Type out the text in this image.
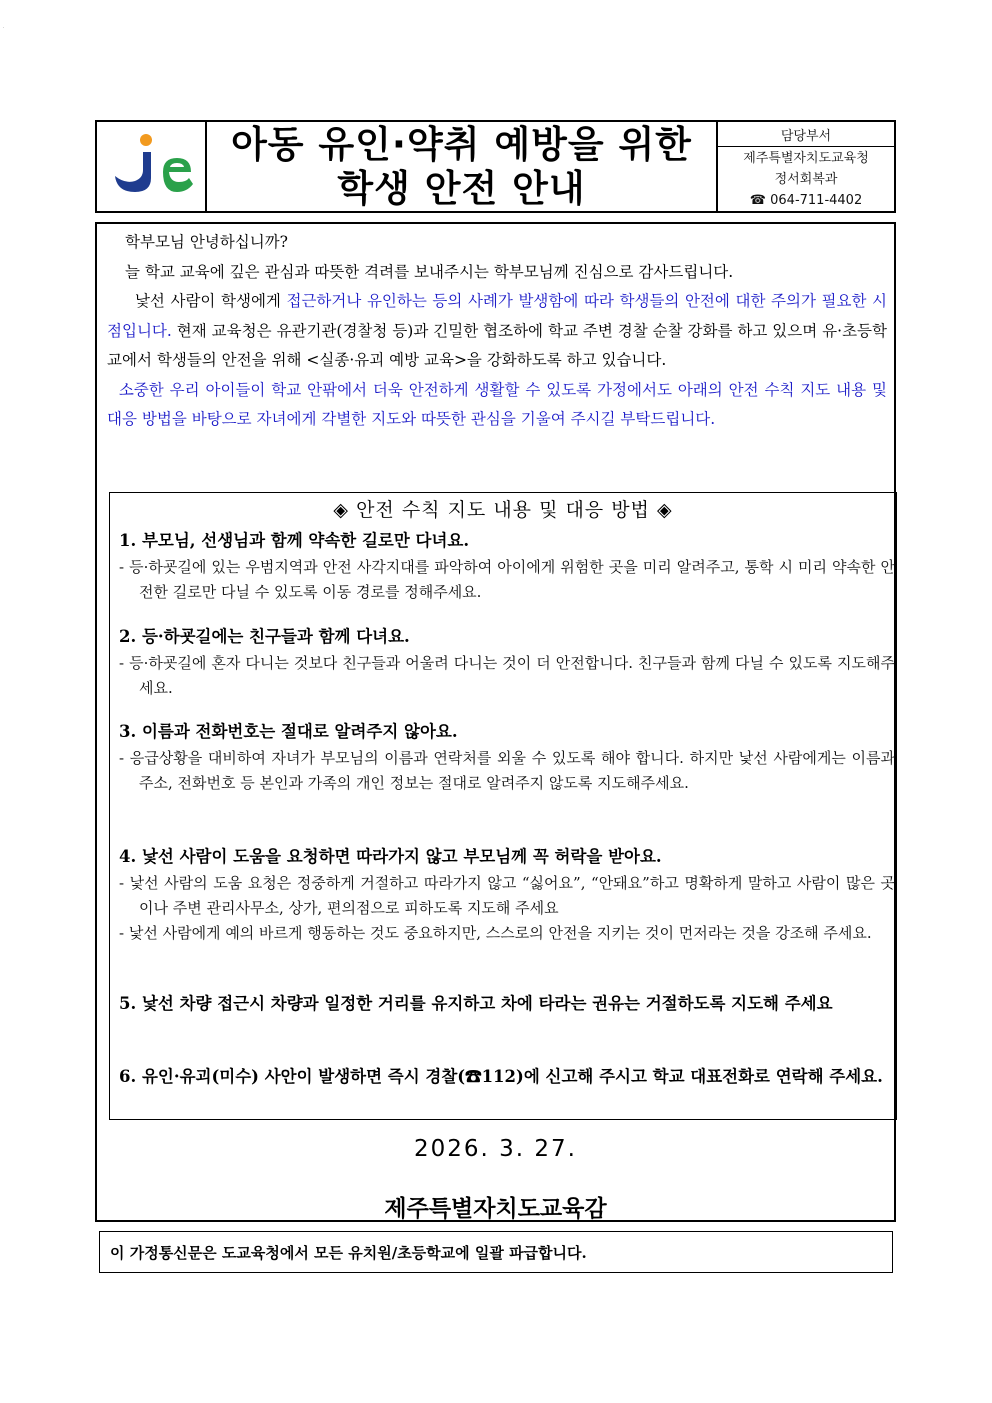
je
아동 유인·약취 예방을 위한
학생 안전 안내
담당부서
제주특별자치도교육청
정서회복과
☎ 064-711-4402

학부모님 안녕하십니까?

늘 학교 교육에 깊은 관심과 따뜻한 격려를 보내주시는 학부모님께 진심으로 감사드립니다.

낯선 사람이 학생에게 접근하거나 유인하는 등의 사례가 발생함에 따라 학생들의 안전에 대한 주의가 필요한 시점입니다. 현재 교육청은 유관기관(경찰청 등)과 긴밀한 협조하에 학교 주변 경찰 순찰 강화를 하고 있으며 유·초등학교에서 학생들의 안전을 위해 <실종·유괴 예방 교육>을 강화하도록 하고 있습니다.

소중한 우리 아이들이 학교 안팎에서 더욱 안전하게 생활할 수 있도록 가정에서도 아래의 안전 수칙 지도 내용 및 대응 방법을 바탕으로 자녀에게 각별한 지도와 따뜻한 관심을 기울여 주시길 부탁드립니다.

◈ 안전 수칙 지도 내용 및 대응 방법 ◈
1. 부모님, 선생님과 함께 약속한 길로만 다녀요.
- 등·하굣길에 있는 우범지역과 안전 사각지대를 파악하여 아이에게 위험한 곳을 미리 알려주고, 통학 시 미리 약속한 안전한 길로만 다닐 수 있도록 이동 경로를 정해주세요.
2. 등·하굣길에는 친구들과 함께 다녀요.
- 등·하굣길에 혼자 다니는 것보다 친구들과 어울려 다니는 것이 더 안전합니다. 친구들과 함께 다닐 수 있도록 지도해주세요.
3. 이름과 전화번호는 절대로 알려주지 않아요.
- 응급상황을 대비하여 자녀가 부모님의 이름과 연락처를 외울 수 있도록 해야 합니다. 하지만 낯선 사람에게는 이름과 주소, 전화번호 등 본인과 가족의 개인 정보는 절대로 알려주지 않도록 지도해주세요.
4. 낯선 사람이 도움을 요청하면 따라가지 않고 부모님께 꼭 허락을 받아요.
- 낯선 사람의 도움 요청은 정중하게 거절하고 따라가지 않고 “싫어요”, “안돼요”하고 명확하게 말하고 사람이 많은 곳이나 주변 관리사무소, 상가, 편의점으로 피하도록 지도해 주세요
- 낯선 사람에게 예의 바르게 행동하는 것도 중요하지만, 스스로의 안전을 지키는 것이 먼저라는 것을 강조해 주세요.
5. 낯선 차량 접근시 차량과 일정한 거리를 유지하고 차에 타라는 권유는 거절하도록 지도해 주세요
6. 유인·유괴(미수) 사안이 발생하면 즉시 경찰(☎112)에 신고해 주시고 학교 대표전화로 연락해 주세요.
2026. 3. 27.
제주특별자치도교육감
이 가정통신문은 도교육청에서 모든 유치원/초등학교에 일괄 파급합니다.
